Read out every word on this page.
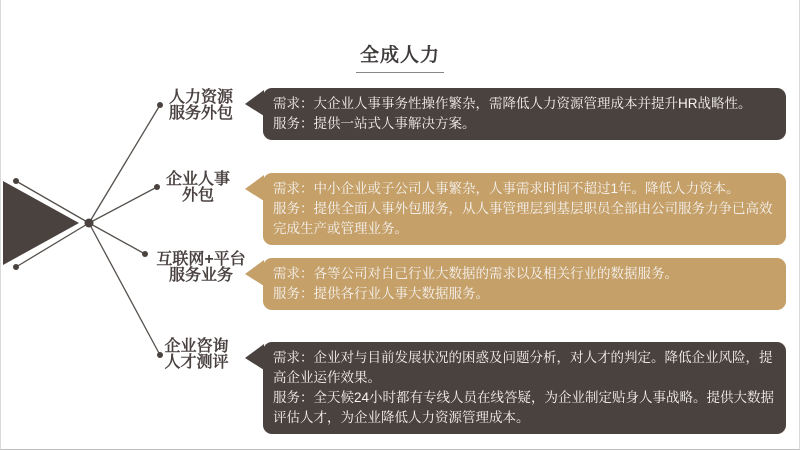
全成人力
人力资源
服务外包
需求：大企业人事事务性操作繁杂，需降低人力资源管理成本并提升HR战略性。
服务：提供一站式人事解决方案。
企业人事
外包	需求：中小企业或子公司人事繁杂，人事需求时间不超过1年。降低人力资本。
服务：提供全面人事外包服务，从人事管理层到基层职员全部由公司服务力争已高效完成生产或管理业务。
互联网+平台
服务业务	需求：各等公司对自己行业大数据的需求以及相关行业的数据服务。
服务：提供各行业人事大数据服务。
企业咨询
人才测评	需求：企业对与目前发展状况的困惑及问题分析，对人才的判定。降低企业风险，提高企业运作效果。
服务：全天候24小时都有专线人员在线答疑，为企业制定贴身人事战略。提供大数据评估人才，为企业降低人力资源管理成本。
